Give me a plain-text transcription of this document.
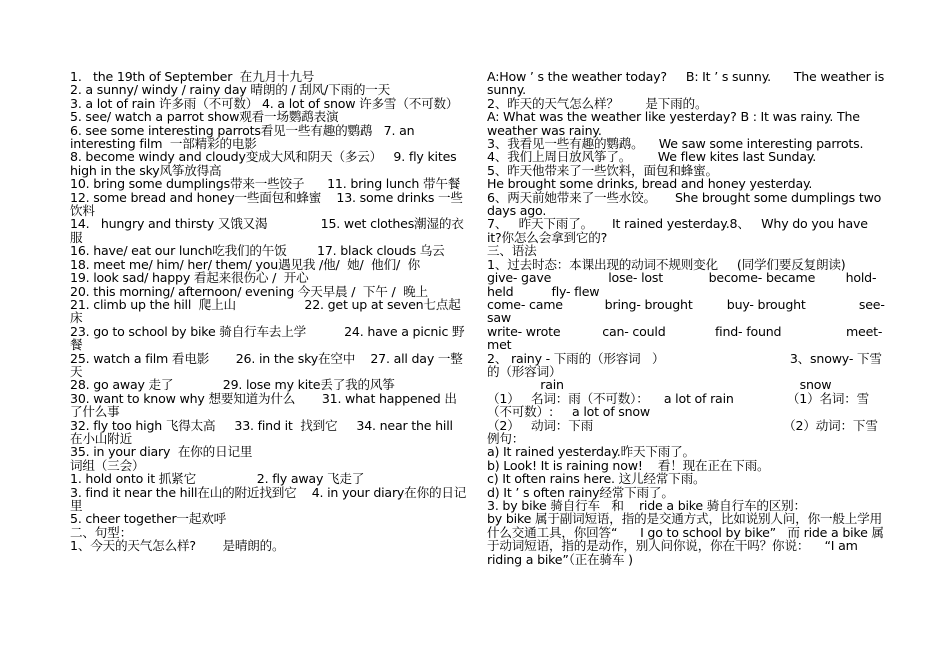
1.   the 19th of September  在九月十九号
2. a sunny/ windy / rainy day 晴朗的 / 刮风/下雨的一天
3. a lot of rain 许多雨（不可数） 4. a lot of snow 许多雪（不可数）
5. see/ watch a parrot show观看一场鹦鹉表演
6. see some interesting parrots看见一些有趣的鹦鹉   7. an interesting film  一部精彩的电影
8. become windy and cloudy变成大风和阴天（多云）   9. fly kites high in the sky风筝放得高
10. bring some dumplings带来一些饺子      11. bring lunch 带午餐
12. some bread and honey一些面包和蜂蜜    13. some drinks 一些饮料
14.   hungry and thirsty 又饿又渴              15. wet clothes潮湿的衣服
16. have/ eat our lunch吃我们的午饭        17. black clouds 乌云
18. meet me/ him/ her/ them/ you遇见我 /他/  她/  他们/  你
19. look sad/ happy 看起来很伤心 /  开心
20. this morning/ afternoon/ evening 今天早晨 /  下午 /  晚上
21. climb up the hill  爬上山                  22. get up at seven七点起床
23. go to school by bike 骑自行车去上学          24. have a picnic 野餐
25. watch a film 看电影       26. in the sky在空中    27. all day 一整天
28. go away 走了             29. lose my kite丢了我的风筝
30. want to know why 想要知道为什么       31. what happened 出了什么事
32. fly too high 飞得太高     33. find it  找到它     34. near the hill  在小山附近
35. in your diary  在你的日记里
词组（三会）
1. hold onto it 抓紧它                2. fly away 飞走了
3. find it near the hill在山的附近找到它    4. in your diary在你的日记里
5. cheer together一起欢呼
二、句型：
1、今天的天气怎么样?       是晴朗的。
A:How ’ s the weather today?     B: It ’ s sunny.      The weather is sunny.
2、昨天的天气怎么样？       是下雨的。
A: What was the weather like yesterday? B : It was rainy. The weather was rainy.
3、我看见一些有趣的鹦鹉。    We saw some interesting parrots.
4、我们上周日放风筝了。       We flew kites last Sunday.
5、昨天他带来了一些饮料，面包和蜂蜜。
He brought some drinks, bread and honey yesterday.
6、两天前她带来了一些水饺。     She brought some dumplings two days ago.
7、   昨天下雨了。     It rained yesterday.8、   Why do you have it?你怎么会拿到它的?
三、语法
1、过去时态：本课出现的动词不规则变化     (同学们要反复朗读)
give- gave               lose- lost            become- became        hold- held          fly- flew
come- came           bring- brought         buy- brought              see- saw
write- wrote           can- could             find- found                 meet- met
2、 rainy - 下雨的（形容词   ）                                 3、snowy- 下雪的（形容词）
rain                                                              snow
（1）   名词：雨（不可数）：    a lot of rain              （1）名词：雪（不可数）:     a lot of snow
（2）   动词：下雨                                                  （2）动词：下雪
例句：
a) It rained yesterday.昨天下雨了。
b) Look! It is raining now!    看！现在正在下雨。
c) It often rains here. 这儿经常下雨。
d) It ’ s often rainy经常下雨了。
3. by bike 骑自行车   和    ride a bike 骑自行车的区别：
by bike 属于副词短语，指的是交通方式，比如说别人问，你一般上学用什么交通工具，你回答“      I go to school by bike”   而 ride a bike 属于动词短语，指的是动作，别人问你说，你在干吗？你说：    “I am riding a bike”（正在骑车 )
